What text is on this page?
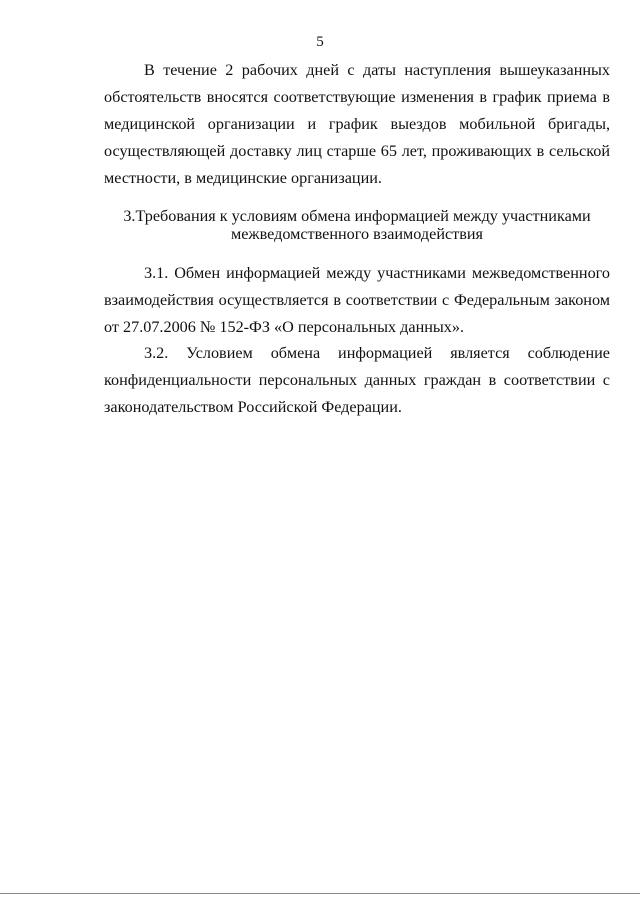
5

В течение 2 рабочих дней с даты наступления вышеуказанных обстоятельств вносятся соответствующие изменения в график приема в медицинской организации и график выездов мобильной бригады, осуществляющей доставку лиц старше 65 лет, проживающих в сельской местности, в медицинские организации.

3.Требования к условиям обмена информацией между участниками
межведомственного взаимодействия

3.1. Обмен информацией между участниками межведомственного взаимодействия осуществляется в соответствии с Федеральным законом от 27.07.2006 № 152-ФЗ «О персональных данных».

3.2. Условием обмена информацией является соблюдение конфиденциальности персональных данных граждан в соответствии с законодательством Российской Федерации.
